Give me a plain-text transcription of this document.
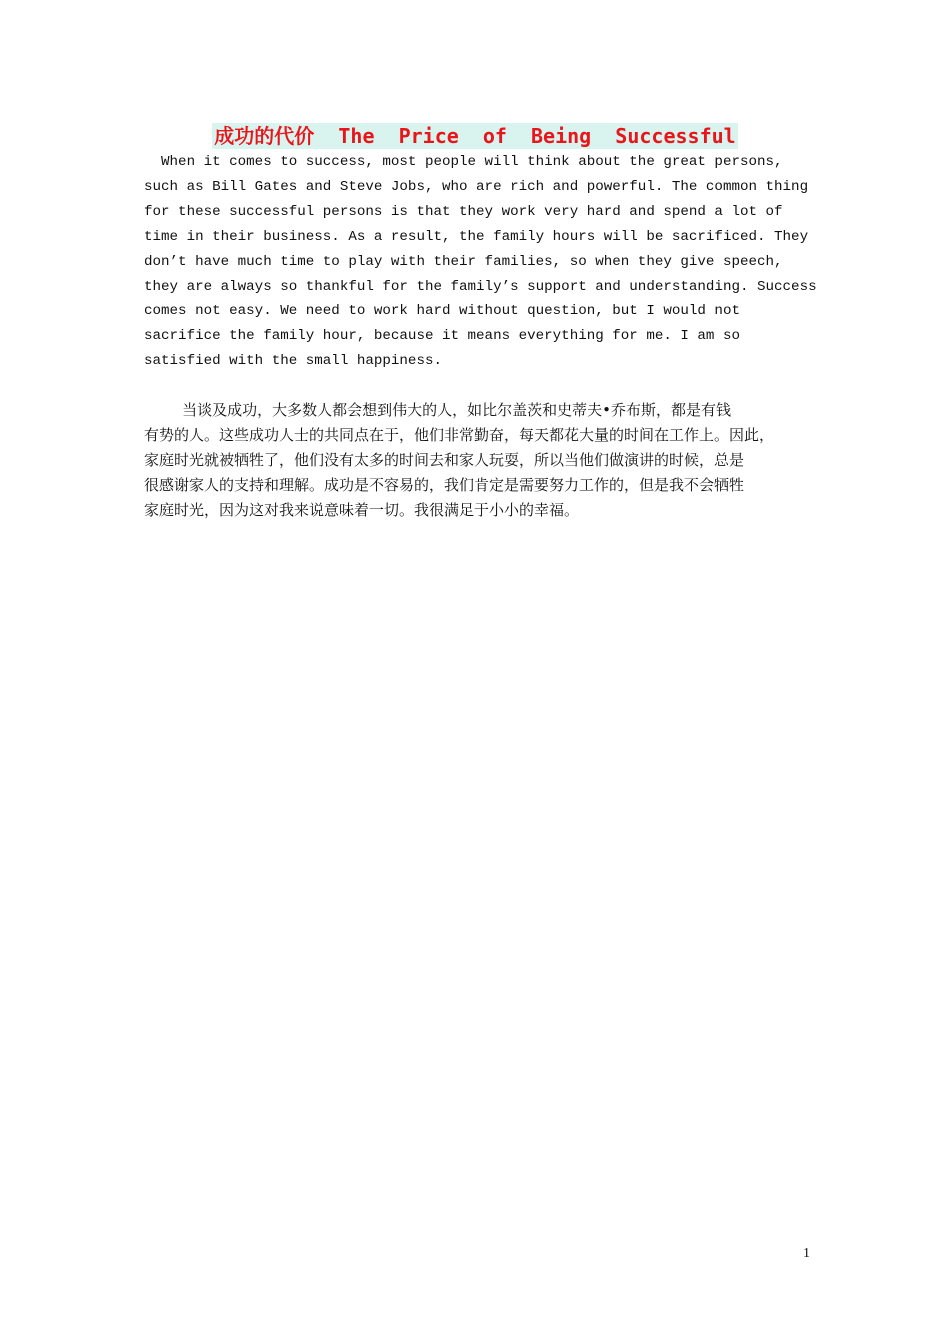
成功的代价  The  Price  of  Being  Successful
When it comes to success, most people will think about the great persons,
such as Bill Gates and Steve Jobs, who are rich and powerful. The common thing
for these successful persons is that they work very hard and spend a lot of
time in their business. As a result, the family hours will be sacrificed. They
don’t have much time to play with their families, so when they give speech,
they are always so thankful for the family’s support and understanding. Success
comes not easy. We need to work hard without question, but I would not
sacrifice the family hour, because it means everything for me. I am so
satisfied with the small happiness.
当谈及成功，大多数人都会想到伟大的人，如比尔盖茨和史蒂夫•乔布斯，都是有钱
有势的人。这些成功人士的共同点在于，他们非常勤奋，每天都花大量的时间在工作上。因此，
家庭时光就被牺牲了，他们没有太多的时间去和家人玩耍，所以当他们做演讲的时候，总是
很感谢家人的支持和理解。成功是不容易的，我们肯定是需要努力工作的，但是我不会牺牲
家庭时光，因为这对我来说意味着一切。我很满足于小小的幸福。
1
